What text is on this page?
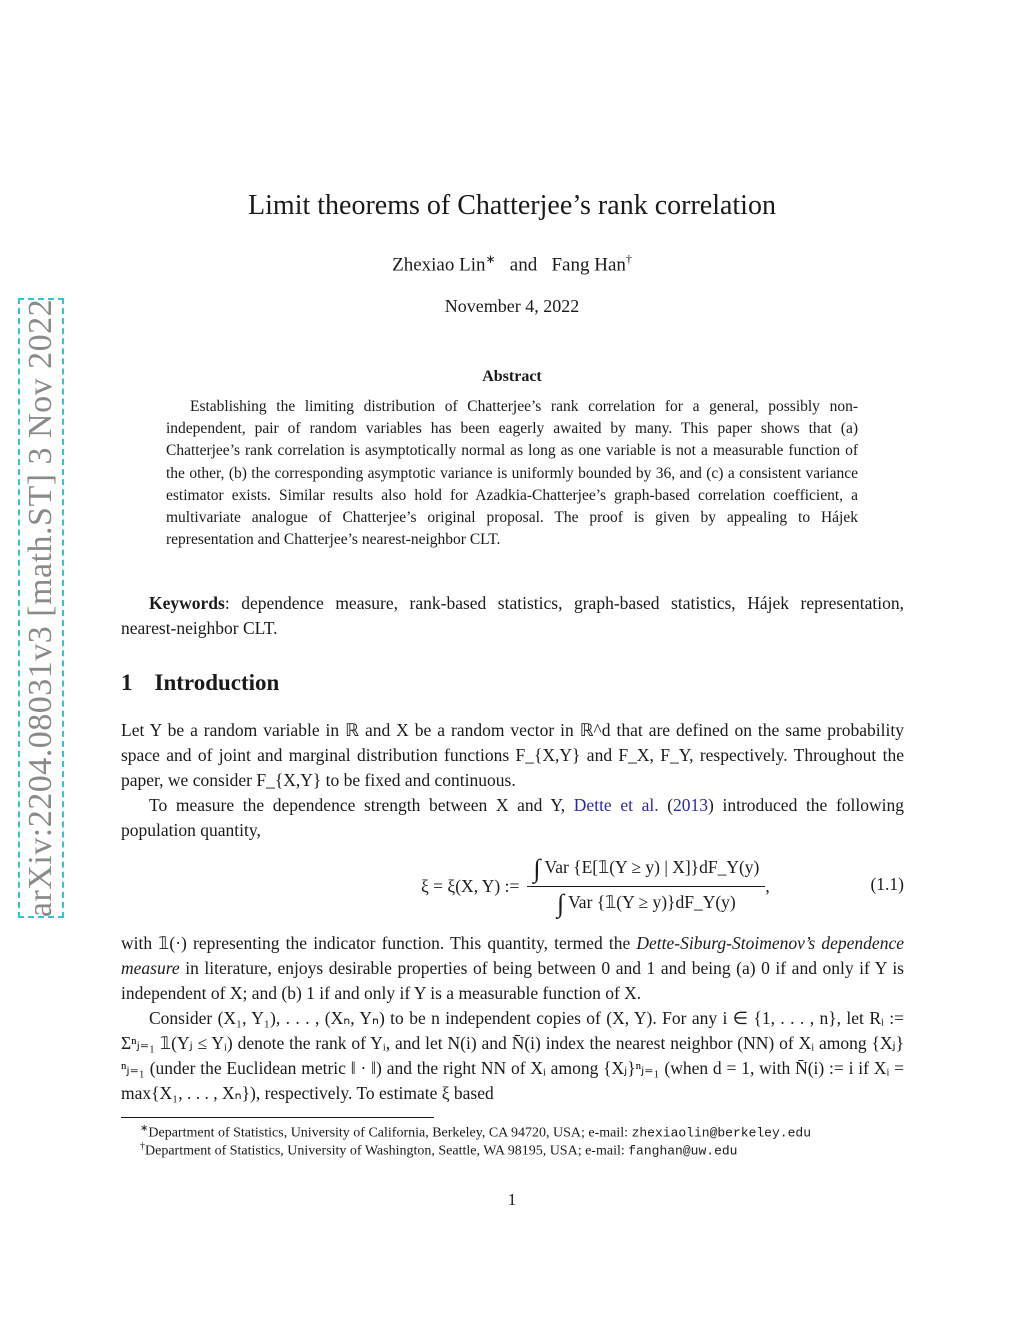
arXiv:2204.08031v3 [math.ST] 3 Nov 2022
Limit theorems of Chatterjee’s rank correlation
Zhexiao Lin∗ and Fang Han†
November 4, 2022
Abstract
Establishing the limiting distribution of Chatterjee’s rank correlation for a general, possibly non-independent, pair of random variables has been eagerly awaited by many. This paper shows that (a) Chatterjee’s rank correlation is asymptotically normal as long as one variable is not a measurable function of the other, (b) the corresponding asymptotic variance is uniformly bounded by 36, and (c) a consistent variance estimator exists. Similar results also hold for Azadkia-Chatterjee’s graph-based correlation coefficient, a multivariate analogue of Chatterjee’s original proposal. The proof is given by appealing to Hájek representation and Chatterjee’s nearest-neighbor CLT.
Keywords: dependence measure, rank-based statistics, graph-based statistics, Hájek representation, nearest-neighbor CLT.
1 Introduction
Let Y be a random variable in ℝ and X be a random vector in ℝ^d that are defined on the same probability space and of joint and marginal distribution functions F_{X,Y} and F_X, F_Y, respectively. Throughout the paper, we consider F_{X,Y} to be fixed and continuous.
To measure the dependence strength between X and Y, Dette et al. (2013) introduced the following population quantity,
ξ = ξ(X, Y) := $\frac{\text{∫ Var \{E[𝟙(Y ≥ y) | X]\}dF\_Y(y)}}{\text{∫ Var \{𝟙(Y ≥ y)\}dF\_Y(y)}}$ ,	(1.1)
with 𝟙(·) representing the indicator function. This quantity, termed the Dette-Siburg-Stoimenov’s dependence measure in literature, enjoys desirable properties of being between 0 and 1 and being (a) 0 if and only if Y is independent of X; and (b) 1 if and only if Y is a measurable function of X.
Consider (X₁, Y₁), . . . , (Xₙ, Yₙ) to be n independent copies of (X, Y). For any i ∈ {1, . . . , n}, let Rᵢ := Σⁿⱼ₌₁ 𝟙(Yⱼ ≤ Yᵢ) denote the rank of Yᵢ, and let N(i) and N̄(i) index the nearest neighbor (NN) of Xᵢ among {Xⱼ}ⁿⱼ₌₁ (under the Euclidean metric ‖ · ‖) and the right NN of Xᵢ among {Xⱼ}ⁿⱼ₌₁ (when d = 1, with N̄(i) := i if Xᵢ = max{X₁, . . . , Xₙ}), respectively. To estimate ξ based
∗Department of Statistics, University of California, Berkeley, CA 94720, USA; e-mail: zhexiaolin@berkeley.edu
†Department of Statistics, University of Washington, Seattle, WA 98195, USA; e-mail: fanghan@uw.edu
1
